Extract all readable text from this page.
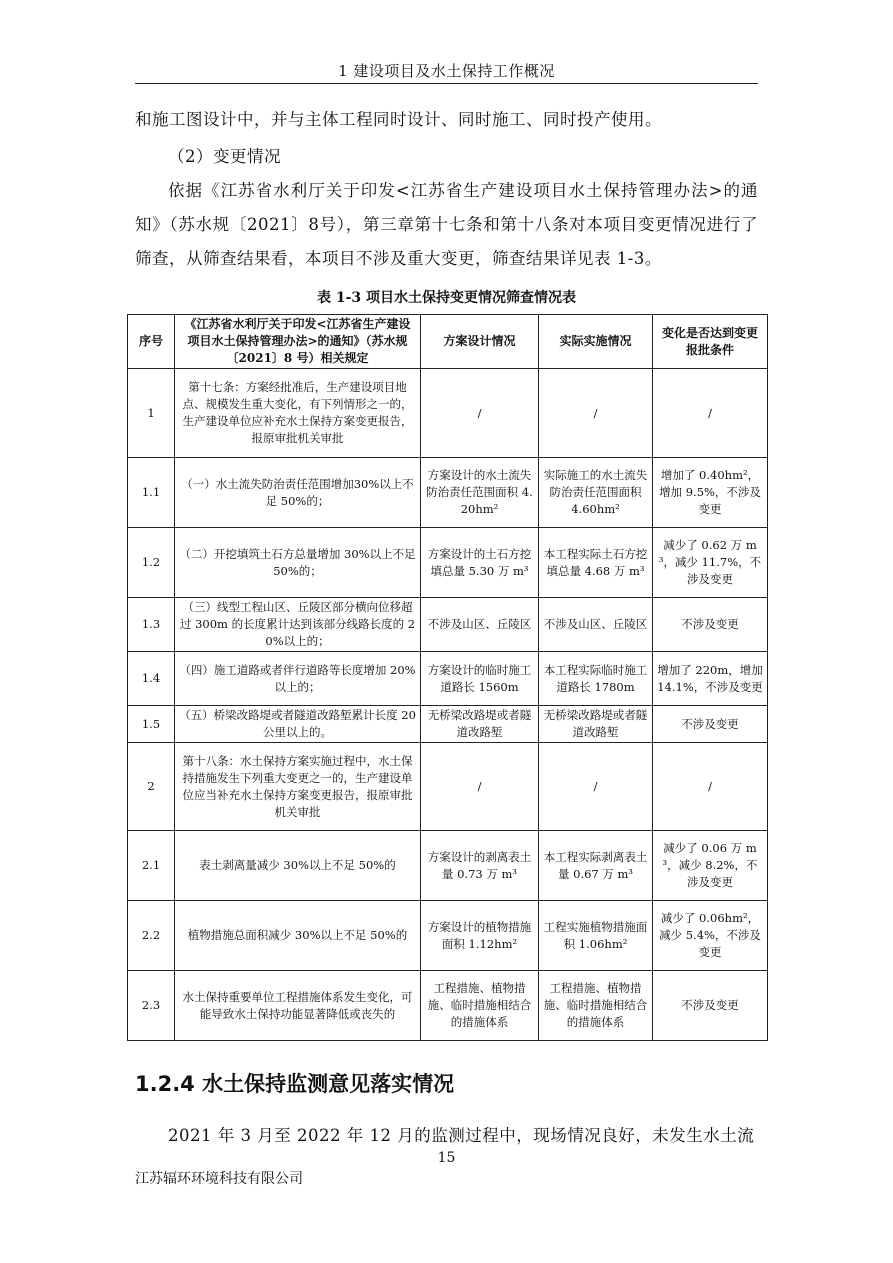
1 建设项目及水土保持工作概况
和施工图设计中，并与主体工程同时设计、同时施工、同时投产使用。
（2）变更情况
依据《江苏省水利厅关于印发<江苏省生产建设项目水土保持管理办法>的通知》（苏水规〔2021〕8号），第三章第十七条和第十八条对本项目变更情况进行了筛查，从筛查结果看，本项目不涉及重大变更，筛查结果详见表 1-3。
表 1-3 项目水土保持变更情况筛查情况表
序号	《江苏省水利厅关于印发<江苏省生产建设项目水土保持管理办法>的通知》（苏水规〔2021〕8 号）相关规定	方案设计情况	实际实施情况	变化是否达到变更报批条件
1	第十七条：方案经批准后，生产建设项目地点、规模发生重大变化，有下列情形之一的，生产建设单位应补充水土保持方案变更报告，报原审批机关审批	/	/	/
1.1	（一）水土流失防治责任范围增加30%以上不足 50%的；	方案设计的水土流失防治责任范围面积 4.20hm²	实际施工的水土流失防治责任范围面积 4.60hm²	增加了 0.40hm²，增加 9.5%，不涉及变更
1.2	（二）开挖填筑土石方总量增加 30%以上不足 50%的；	方案设计的土石方挖填总量 5.30 万 m³	本工程实际土石方挖填总量 4.68 万 m³	减少了 0.62 万 m³，减少 11.7%，不涉及变更
1.3	（三）线型工程山区、丘陵区部分横向位移超过 300m 的长度累计达到该部分线路长度的 20%以上的；	不涉及山区、丘陵区	不涉及山区、丘陵区	不涉及变更
1.4	（四）施工道路或者伴行道路等长度增加 20%以上的；	方案设计的临时施工道路长 1560m	本工程实际临时施工道路长 1780m	增加了 220m，增加 14.1%，不涉及变更
1.5	（五）桥梁改路堤或者隧道改路堑累计长度 20 公里以上的。	无桥梁改路堤或者隧道改路堑	无桥梁改路堤或者隧道改路堑	不涉及变更
2	第十八条：水土保持方案实施过程中，水土保持措施发生下列重大变更之一的，生产建设单位应当补充水土保持方案变更报告，报原审批机关审批	/	/	/
2.1	表土剥离量减少 30%以上不足 50%的	方案设计的剥离表土量 0.73 万 m³	本工程实际剥离表土量 0.67 万 m³	减少了 0.06 万 m³，减少 8.2%，不涉及变更
2.2	植物措施总面积减少 30%以上不足 50%的	方案设计的植物措施面积 1.12hm²	工程实施植物措施面积 1.06hm²	减少了 0.06hm²，减少 5.4%，不涉及变更
2.3	水土保持重要单位工程措施体系发生变化，可能导致水土保持功能显著降低或丧失的	工程措施、植物措施、临时措施相结合的措施体系	工程措施、植物措施、临时措施相结合的措施体系	不涉及变更
1.2.4 水土保持监测意见落实情况
2021 年 3 月至 2022 年 12 月的监测过程中，现场情况良好，未发生水土流
15
江苏辐环环境科技有限公司
